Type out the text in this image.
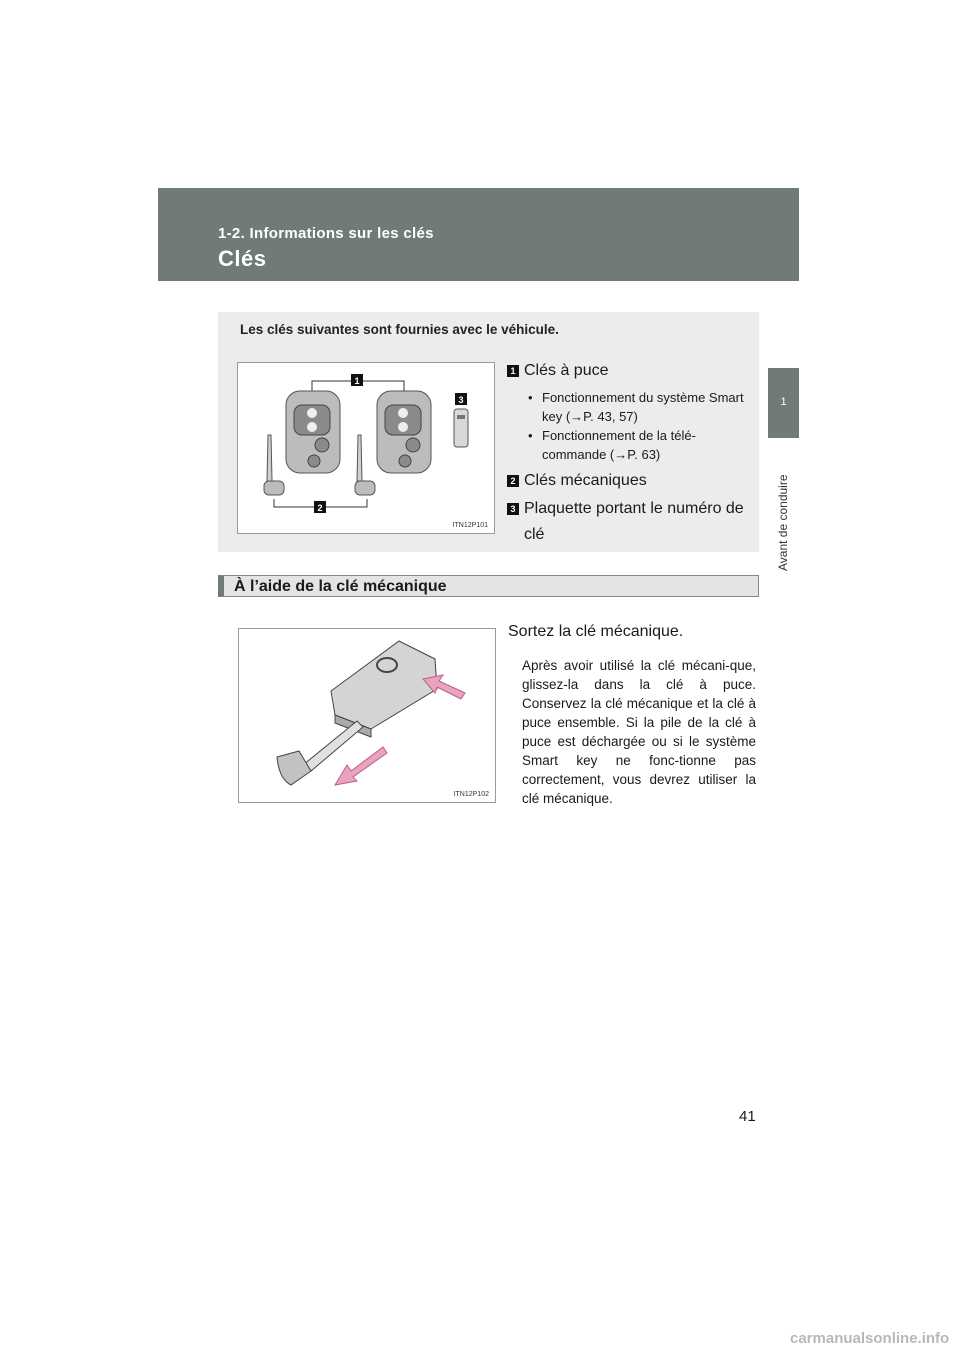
1-2. Informations sur les clés
Clés
1
Avant de conduire
Les clés suivantes sont fournies avec le véhicule.
1
2
3
ITN12P101
1 Clés à puce
• Fonctionnement du système Smart key (→P. 43, 57)
• Fonctionnement de la télé-commande (→P. 63)
2 Clés mécaniques
3 Plaquette portant le numéro de clé
À l’aide de la clé mécanique
ITN12P102
Sortez la clé mécanique.
Après avoir utilisé la clé mécani-que, glissez-la dans la clé à puce. Conservez la clé mécanique et la clé à puce ensemble. Si la pile de la clé à puce est déchargée ou si le système Smart key ne fonc-tionne pas correctement, vous devrez utiliser la clé mécanique.
41
carmanualsonline.info
